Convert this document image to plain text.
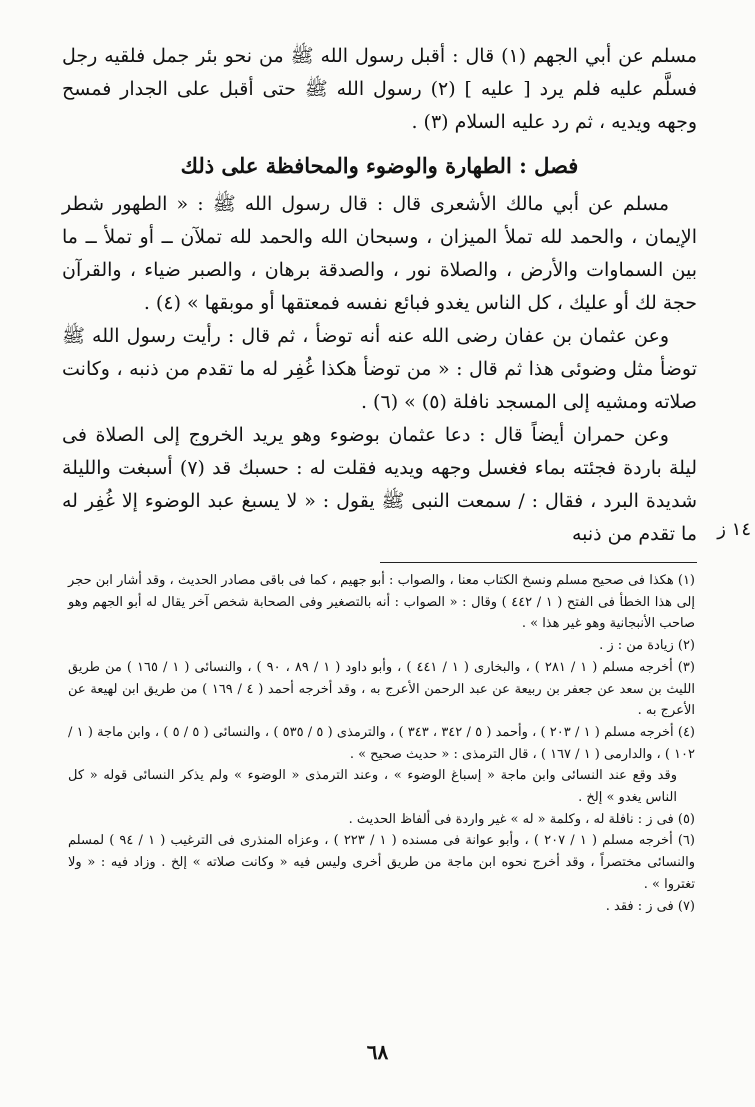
مسلم عن أبي الجهم (١) قال : أقبل رسول الله ﷺ من نحو بئر جمل فلقيه رجل فسلَّم عليه فلم يرد [ عليه ] (٢) رسول الله ﷺ حتى أقبل على الجدار فمسح وجهه ويديه ، ثم رد عليه السلام (٣) .

فصل : الطهارة والوضوء والمحافظة على ذلك

مسلم عن أبي مالك الأشعرى قال : قال رسول الله ﷺ : « الطهور شطر الإيمان ، والحمد لله تملأ الميزان ، وسبحان الله والحمد لله تملآن ــ أو تملأ ــ ما بين السماوات والأرض ، والصلاة نور ، والصدقة برهان ، والصبر ضياء ، والقرآن حجة لك أو عليك ، كل الناس يغدو فبائع نفسه فمعتقها أو موبقها » (٤) .

وعن عثمان بن عفان رضى الله عنه أنه توضأ ، ثم قال : رأيت رسول الله ﷺ توضأ مثل وضوئى هذا ثم قال : « من توضأ هكذا غُفِر له ما تقدم من ذنبه ، وكانت صلاته ومشيه إلى المسجد نافلة (٥) » (٦) .

وعن حمران أيضاً قال : دعا عثمان بوضوء وهو يريد الخروج إلى الصلاة فى ليلة باردة فجئته بماء فغسل وجهه ويديه فقلت له : حسبك قد (٧) أسبغت والليلة شديدة البرد ، فقال : / سمعت النبى ﷺ يقول : « لا يسبغ عبد الوضوء إلا غُفِر له ما تقدم من ذنبه ١٤ ز

(١) هكذا فى صحيح مسلم ونسخ الكتاب معنا ، والصواب : أبو جهيم ، كما فى باقى مصادر الحديث ، وقد أشار ابن حجر إلى هذا الخطأ فى الفتح ( ١ / ٤٤٢ ) وقال : « الصواب : أنه بالتصغير وفى الصحابة شخص آخر يقال له أبو الجهم وهو صاحب الأنبجانية وهو غير هذا » .

(٢) زيادة من : ز .

(٣) أخرجه مسلم ( ١ / ٢٨١ ) ، والبخارى ( ١ / ٤٤١ ) ، وأبو داود ( ١ / ٨٩ ، ٩٠ ) ، والنسائى ( ١ / ١٦٥ ) من طريق الليث بن سعد عن جعفر بن ربيعة عن عبد الرحمن الأعرج به ، وقد أخرجه أحمد ( ٤ / ١٦٩ ) من طريق ابن لهيعة عن الأعرج به .

(٤) أخرجه مسلم ( ١ / ٢٠٣ ) ، وأحمد ( ٥ / ٣٤٢ ، ٣٤٣ ) ، والترمذى ( ٥ / ٥٣٥ ) ، والنسائى ( ٥ / ٥ ) ، وابن ماجة ( ١ / ١٠٢ ) ، والدارمى ( ١ / ١٦٧ ) ، قال الترمذى : « حديث صحيح » .

وقد وقع عند النسائى وابن ماجة « إسباغ الوضوء » ، وعند الترمذى « الوضوء » ولم يذكر النسائى قوله « كل الناس يغدو » إلخ .

(٥) فى ز : نافلة له ، وكلمة « له » غير واردة فى ألفاظ الحديث .

(٦) أخرجه مسلم ( ١ / ٢٠٧ ) ، وأبو عوانة فى مسنده ( ١ / ٢٢٣ ) ، وعزاه المنذرى فى الترغيب ( ١ / ٩٤ ) لمسلم والنسائى مختصراً ، وقد أخرج نحوه ابن ماجة من طريق أخرى وليس فيه « وكانت صلاته » إلخ . وزاد فيه : « ولا تغتروا » .

(٧) فى ز : فقد .

٦٨
